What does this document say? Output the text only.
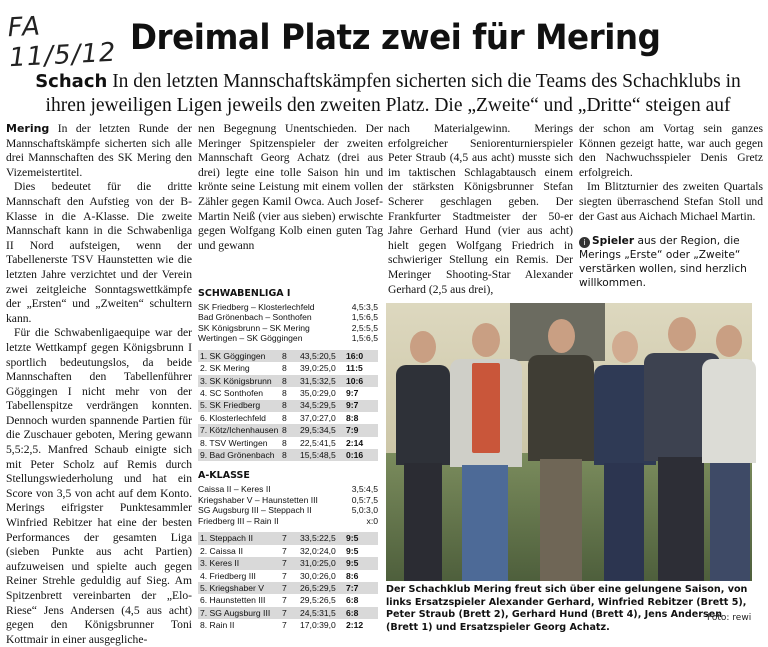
FA 11/5/12 Dreimal Platz zwei für Mering
Schach In den letzten Mannschaftskämpfen sicherten sich die Teams des Schachklubs in ihren jeweiligen Ligen jeweils den zweiten Platz. Die „Zweite“ und „Dritte“ steigen auf

Mering In der letzten Runde der Mannschaftskämpfe sicherten sich alle drei Mannschaften des SK Mering den Vizemeistertitel.

Dies bedeutet für die dritte Mannschaft den Aufstieg von der B-Klasse in die A-Klasse. Die zweite Mannschaft kann in die Schwabenliga II Nord aufsteigen, wenn der Tabellenerste TSV Haunstetten wie die letzten Jahre verzichtet und der Verein zwei zeitgleiche Sonntagswettkämpfe der „Ersten“ und „Zweiten“ schultern kann.

Für die Schwabenligaequipe war der letzte Wettkampf gegen Königsbrunn I sportlich bedeutungslos, da beide Mannschaften den Tabellenführer Göggingen I nicht mehr von der Tabellenspitze verdrängen konnten. Dennoch wurden spannende Partien für die Zuschauer geboten, Mering gewann 5,5:2,5. Manfred Schaub einigte sich mit Peter Scholz auf Remis durch Stellungswiederholung und hat ein Score von 3,5 von acht auf dem Konto. Merings eifrigster Punktesammler Winfried Rebitzer hat eine der besten Performances der gesamten Liga (sieben Punkte aus acht Partien) aufzuweisen und spielte auch gegen Reiner Strehle geduldig auf Sieg. Am Spitzenbrett vereinbarten der „Elo-Riese“ Jens Andersen (4,5 aus acht) gegen den Königsbrunner Toni Kottmair in einer ausgegliche-

nen Begegnung Unentschieden. Der Meringer Spitzenspieler der zweiten Mannschaft Georg Achatz (drei aus drei) legte eine tolle Saison hin und krönte seine Leistung mit einem vollen Zähler gegen Kamil Owca. Auch Josef-Martin Neiß (vier aus sieben) erwischte gegen Wolfgang Kolb einen guten Tag und gewann

SCHWABENLIGA I
SK Friedberg – Klosterlechfeld	4,5:3,5
Bad Grönenbach – Sonthofen	1,5:6,5
SK Königsbrunn – SK Mering	2,5:5,5
Wertingen – SK Göggingen	1,5:6,5
1. SK Göggingen	8	43,5:20,5	16:0
2. SK Mering	8	39,0:25,0	11:5
3. SK Königsbrunn	8	31,5:32,5	10:6
4. SC Sonthofen	8	35,0:29,0	9:7
5. SK Friedberg	8	34,5:29,5	9:7
6. Klosterlechfeld	8	37,0:27,0	8:8
7. Kötz/Ichenhausen 8	29,5:34,5	7:9
8. TSV Wertingen	8	22,5:41,5	2:14
9. Bad Grönenbach 8	15,5:48,5	0:16
A-KLASSE
Caissa II – Keres II	3,5:4,5
Kriegshaber V – Haunstetten III	0,5:7,5
SG Augsburg III – Steppach II	5,0:3,0
Friedberg III – Rain II	x:0
1. Steppach II	7	33,5:22,5	9:5
2. Caissa II	7	32,0:24,0	9:5
3. Keres II	7	31,0:25,0	9:5
4. Friedberg III	7	30,0:26,0	8:6
5. Kriegshaber V	7	26,5:29,5	7:7
6. Haunstetten III	7	29,5:26,5	6:8
7. SG Augsburg III	7	24,5:31,5	6:8
8. Rain II	7	17,0:39,0	2:12

nach Materialgewinn. Merings erfolgreicher Seniorenturnierspieler Peter Straub (4,5 aus acht) musste sich im taktischen Schlagabtausch einem der stärksten Königsbrunner Stefan Scherer geschlagen geben. Der Frankfurter Stadtmeister der 50-er Jahre Gerhard Hund (vier aus acht) hielt gegen Wolfgang Friedrich in schwieriger Stellung ein Remis. Der Meringer Shooting-Star Alexander Gerhard (2,5 aus drei),

der schon am Vortag sein ganzes Können gezeigt hatte, war auch gegen den Nachwuchsspieler Denis Gretz erfolgreich.

Im Blitzturnier des zweiten Quartals siegten überraschend Stefan Stoll und der Gast aus Aichach Michael Martin.

i Spieler aus der Region, die Merings „Erste“ oder „Zweite“ verstärken wollen, sind herzlich willkommen.
Der Schachklub Mering freut sich über eine gelungene Saison, von links Ersatzspieler Alexander Gerhard, Winfried Rebitzer (Brett 5), Peter Straub (Brett 2), Gerhard Hund (Brett 4), Jens Andersen (Brett 1) und Ersatzspieler Georg Achatz.
Foto: rewi
